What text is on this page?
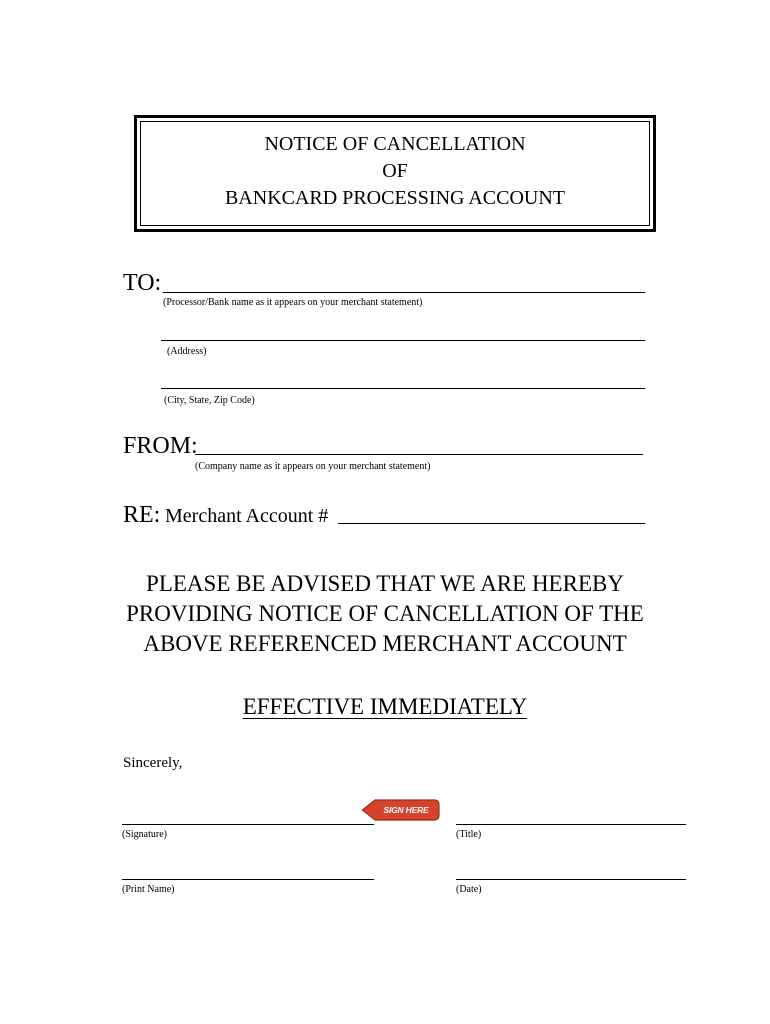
NOTICE OF CANCELLATION
OF
BANKCARD PROCESSING ACCOUNT
TO:
(Processor/Bank name as it appears on your merchant statement)
(Address)
(City, State, Zip Code)
FROM:
(Company name as it appears on your merchant statement)
RE: Merchant Account #
PLEASE BE ADVISED THAT WE ARE HEREBY
PROVIDING NOTICE OF CANCELLATION OF THE
ABOVE REFERENCED MERCHANT ACCOUNT
EFFECTIVE IMMEDIATELY
Sincerely,
SIGN HERE
(Signature)	(Title)
(Print Name)	(Date)
